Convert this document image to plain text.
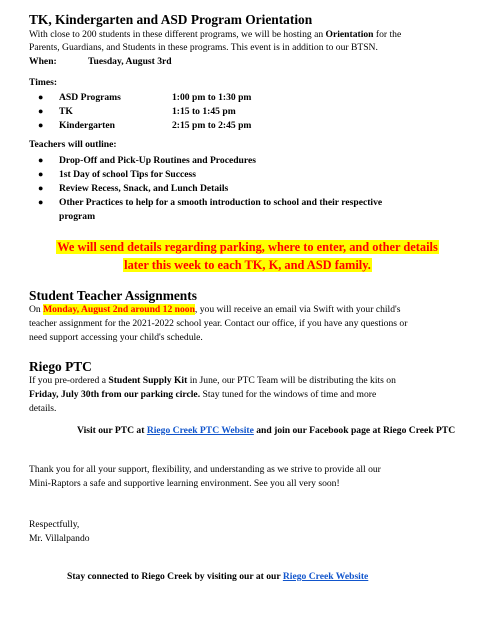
TK, Kindergarten and ASD Program Orientation
With close to 200 students in these different programs, we will be hosting an Orientation for the
Parents, Guardians, and Students in these programs. This event is in addition to our BTSN.
When:	Tuesday, August 3rd
Times:
● ASD Programs	1:00 pm to 1:30 pm
● TK	1:15 to 1:45 pm
● Kindergarten	2:15 pm to 2:45 pm
Teachers will outline:
● Drop-Off and Pick-Up Routines and Procedures
● 1st Day of school Tips for Success
● Review Recess, Snack, and Lunch Details
● Other Practices to help for a smooth introduction to school and their respective
program
We will send details regarding parking, where to enter, and other details
later this week to each TK, K, and ASD family.
Student Teacher Assignments
On Monday, August 2nd around 12 noon, you will receive an email via Swift with your child's
teacher assignment for the 2021-2022 school year. Contact our office, if you have any questions or
need support accessing your child's schedule.
Riego PTC
If you pre-ordered a Student Supply Kit in June, our PTC Team will be distributing the kits on
Friday, July 30th from our parking circle. Stay tuned for the windows of time and more
details.
Visit our PTC at Riego Creek PTC Website and join our Facebook page at Riego Creek PTC
Thank you for all your support, flexibility, and understanding as we strive to provide all our
Mini-Raptors a safe and supportive learning environment. See you all very soon!
Respectfully,
Mr. Villalpando
Stay connected to Riego Creek by visiting our at our Riego Creek Website
